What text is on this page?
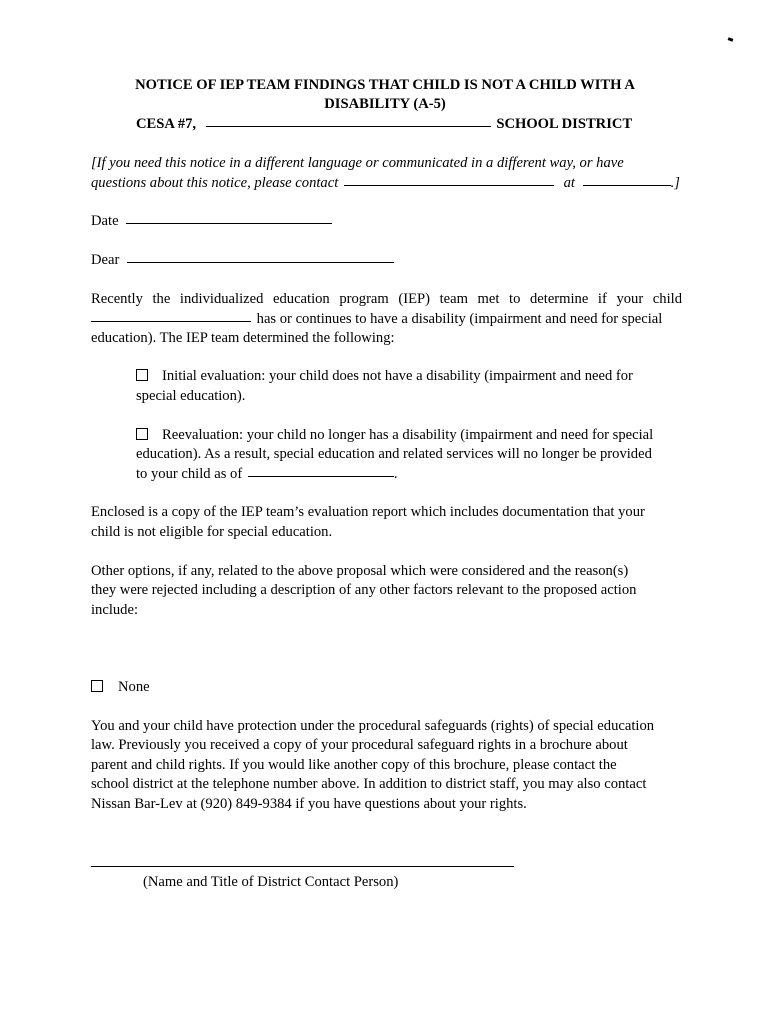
NOTICE OF IEP TEAM FINDINGS THAT CHILD IS NOT A CHILD WITH A
DISABILITY (A-5)
CESA #7,	SCHOOL DISTRICT
[If you need this notice in a different language or communicated in a different way, or have
questions about this notice, please contact	at	.]
Date
Dear
Recently the individualized education program (IEP) team met to determine if your child
has or continues to have a disability (impairment and need for special
education). The IEP team determined the following:
Initial evaluation: your child does not have a disability (impairment and need for
special education).
Reevaluation: your child no longer has a disability (impairment and need for special
education). As a result, special education and related services will no longer be provided
to your child as of	.
Enclosed is a copy of the IEP team’s evaluation report which includes documentation that your
child is not eligible for special education.
Other options, if any, related to the above proposal which were considered and the reason(s)
they were rejected including a description of any other factors relevant to the proposed action
include:
None
You and your child have protection under the procedural safeguards (rights) of special education
law. Previously you received a copy of your procedural safeguard rights in a brochure about
parent and child rights. If you would like another copy of this brochure, please contact the
school district at the telephone number above. In addition to district staff, you may also contact
Nissan Bar-Lev at (920) 849-9384 if you have questions about your rights.
(Name and Title of District Contact Person)
